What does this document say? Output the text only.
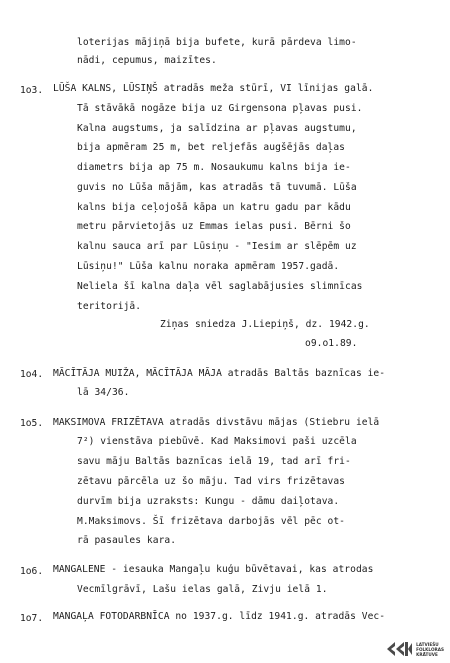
loterijas mājiņā bija bufete, kurā pārdeva limo-
nādi, cepumus, maizītes.
1o3. LŪŠA KALNS, LŪSIŅŠ atradās meža stūrī, VI līnijas galā.
Tā stāvākā nogāze bija uz Girgensona pļavas pusi.
Kalna augstums, ja salīdzina ar pļavas augstumu,
bija apmēram 25 m, bet reljefās augšējās daļas
diametrs bija ap 75 m. Nosaukumu kalns bija ie-
guvis no Lūša mājām, kas atradās tā tuvumā. Lūša
kalns bija ceļojošā kāpa un katru gadu par kādu
metru pārvietojās uz Emmas ielas pusi. Bērni šo
kalnu sauca arī par Lūsiņu - "Iesim ar slēpēm uz
Lūsiņu!" Lūša kalnu noraka apmēram 1957.gadā.
Neliela šī kalna daļa vēl saglabājusies slimnīcas
teritorijā.
Ziņas sniedza J.Liepiņš, dz. 1942.g.
o9.o1.89.
1o4. MĀCĪTĀJA MUIŽA, MĀCĪTĀJA MĀJA atradās Baltās baznīcas ie-
lā 34/36.
1o5. MAKSIMOVA FRIZĒTAVA atradās divstāvu mājas (Stiebru ielā
7²) vienstāva piebūvē. Kad Maksimovi paši uzcēla
savu māju Baltās baznīcas ielā 19, tad arī fri-
zētavu pārcēla uz šo māju. Tad virs frizētavas
durvīm bija uzraksts: Kungu - dāmu daiļotava.
M.Maksimovs. Šī frizētava darbojās vēl pēc ot-
rā pasaules kara.
1o6. MANGALENE - iesauka Mangaļu kuģu būvētavai, kas atrodas
Vecmīlgrāvī, Lašu ielas galā, Zivju ielā 1.
1o7. MANGAĻA FOTODARBNĪCA no 1937.g. līdz 1941.g. atradās Vec-
LATVIEŠU
FOLKLORAS
KRĀTUVE
